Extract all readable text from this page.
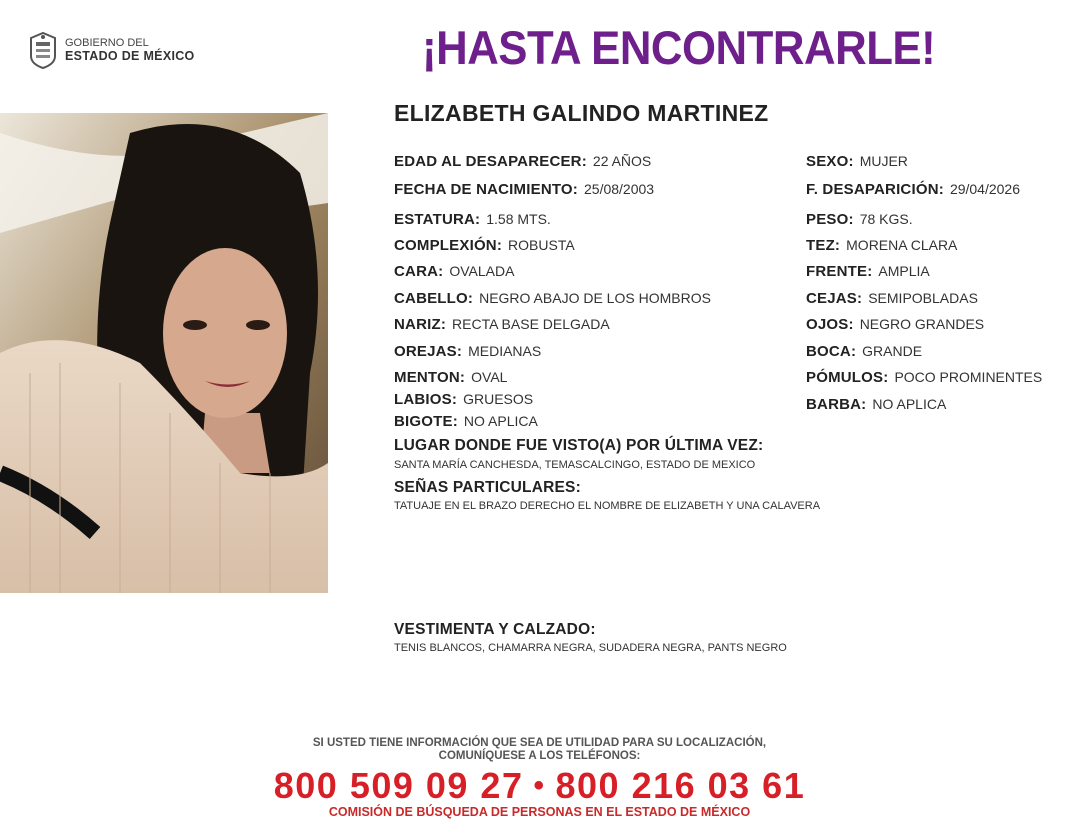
GOBIERNO DEL
ESTADO DE MÉXICO	¡HASTA ENCONTRARLE!
ELIZABETH GALINDO MARTINEZ
EDAD AL DESAPARECER: 22 AÑOS
FECHA DE NACIMIENTO: 25/08/2003
ESTATURA: 1.58 MTS.
COMPLEXIÓN: ROBUSTA
CARA: OVALADA
CABELLO: NEGRO ABAJO DE LOS HOMBROS
NARIZ: RECTA BASE DELGADA
OREJAS: MEDIANAS
MENTON: OVAL
LABIOS: GRUESOS
BIGOTE: NO APLICA
SEXO: MUJER
F. DESAPARICIÓN: 29/04/2026
PESO: 78 KGS.
TEZ: MORENA CLARA
FRENTE: AMPLIA
CEJAS: SEMIPOBLADAS
OJOS: NEGRO GRANDES
BOCA: GRANDE
PÓMULOS: POCO PROMINENTES
BARBA: NO APLICA
LUGAR DONDE FUE VISTO(A) POR ÚLTIMA VEZ:
SANTA MARÍA CANCHESDA, TEMASCALCINGO, ESTADO DE MEXICO
SEÑAS PARTICULARES:
TATUAJE EN EL BRAZO DERECHO EL NOMBRE DE ELIZABETH Y UNA CALAVERA
VESTIMENTA Y CALZADO:
TENIS BLANCOS, CHAMARRA NEGRA, SUDADERA NEGRA, PANTS NEGRO
SI USTED TIENE INFORMACIÓN QUE SEA DE UTILIDAD PARA SU LOCALIZACIÓN,
COMUNÍQUESE A LOS TELÉFONOS:
800 509 09 27 • 800 216 03 61
COMISIÓN DE BÚSQUEDA DE PERSONAS EN EL ESTADO DE MÉXICO
